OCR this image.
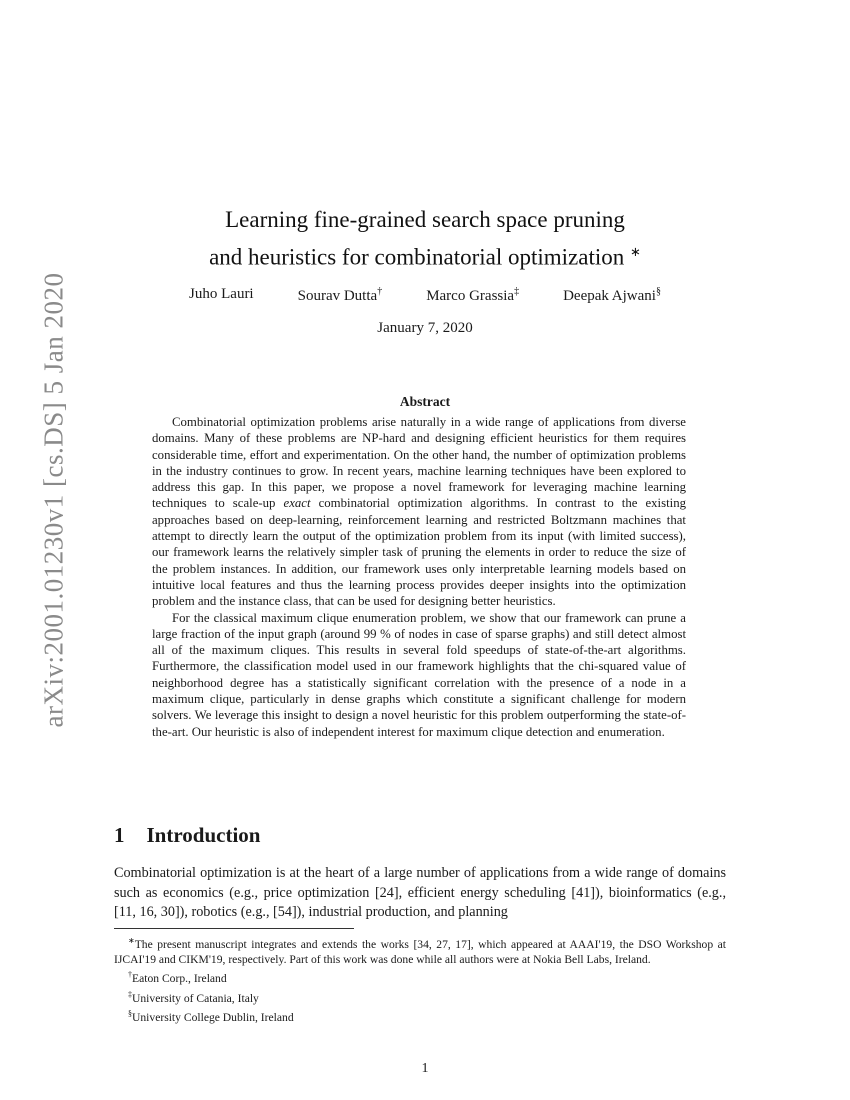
arXiv:2001.01230v1 [cs.DS] 5 Jan 2020
Learning fine-grained search space pruning
and heuristics for combinatorial optimization ∗
Juho Lauri	Sourav Dutta†	Marco Grassia‡	Deepak Ajwani§
January 7, 2020
Abstract

Combinatorial optimization problems arise naturally in a wide range of applications from diverse domains. Many of these problems are NP-hard and designing efficient heuristics for them requires considerable time, effort and experimentation. On the other hand, the number of optimization problems in the industry continues to grow. In recent years, machine learning techniques have been explored to address this gap. In this paper, we propose a novel framework for leveraging machine learning techniques to scale-up exact combinatorial optimization algorithms. In contrast to the existing approaches based on deep-learning, reinforcement learning and restricted Boltzmann machines that attempt to directly learn the output of the optimization problem from its input (with limited success), our framework learns the relatively simpler task of pruning the elements in order to reduce the size of the problem instances. In addition, our framework uses only interpretable learning models based on intuitive local features and thus the learning process provides deeper insights into the optimization problem and the instance class, that can be used for designing better heuristics.

For the classical maximum clique enumeration problem, we show that our framework can prune a large fraction of the input graph (around 99 % of nodes in case of sparse graphs) and still detect almost all of the maximum cliques. This results in several fold speedups of state-of-the-art algorithms. Furthermore, the classification model used in our framework highlights that the chi-squared value of neighborhood degree has a statistically significant correlation with the presence of a node in a maximum clique, particularly in dense graphs which constitute a significant challenge for modern solvers. We leverage this insight to design a novel heuristic for this problem outperforming the state-of-the-art. Our heuristic is also of independent interest for maximum clique detection and enumeration.

1 Introduction

Combinatorial optimization is at the heart of a large number of applications from a wide range of domains such as economics (e.g., price optimization [24], efficient energy scheduling [41]), bioinformatics (e.g., [11, 16, 30]), robotics (e.g., [54]), industrial production, and planning

∗The present manuscript integrates and extends the works [34, 27, 17], which appeared at AAAI'19, the DSO Workshop at IJCAI'19 and CIKM'19, respectively. Part of this work was done while all authors were at Nokia Bell Labs, Ireland.
†Eaton Corp., Ireland
‡University of Catania, Italy
§University College Dublin, Ireland
1
